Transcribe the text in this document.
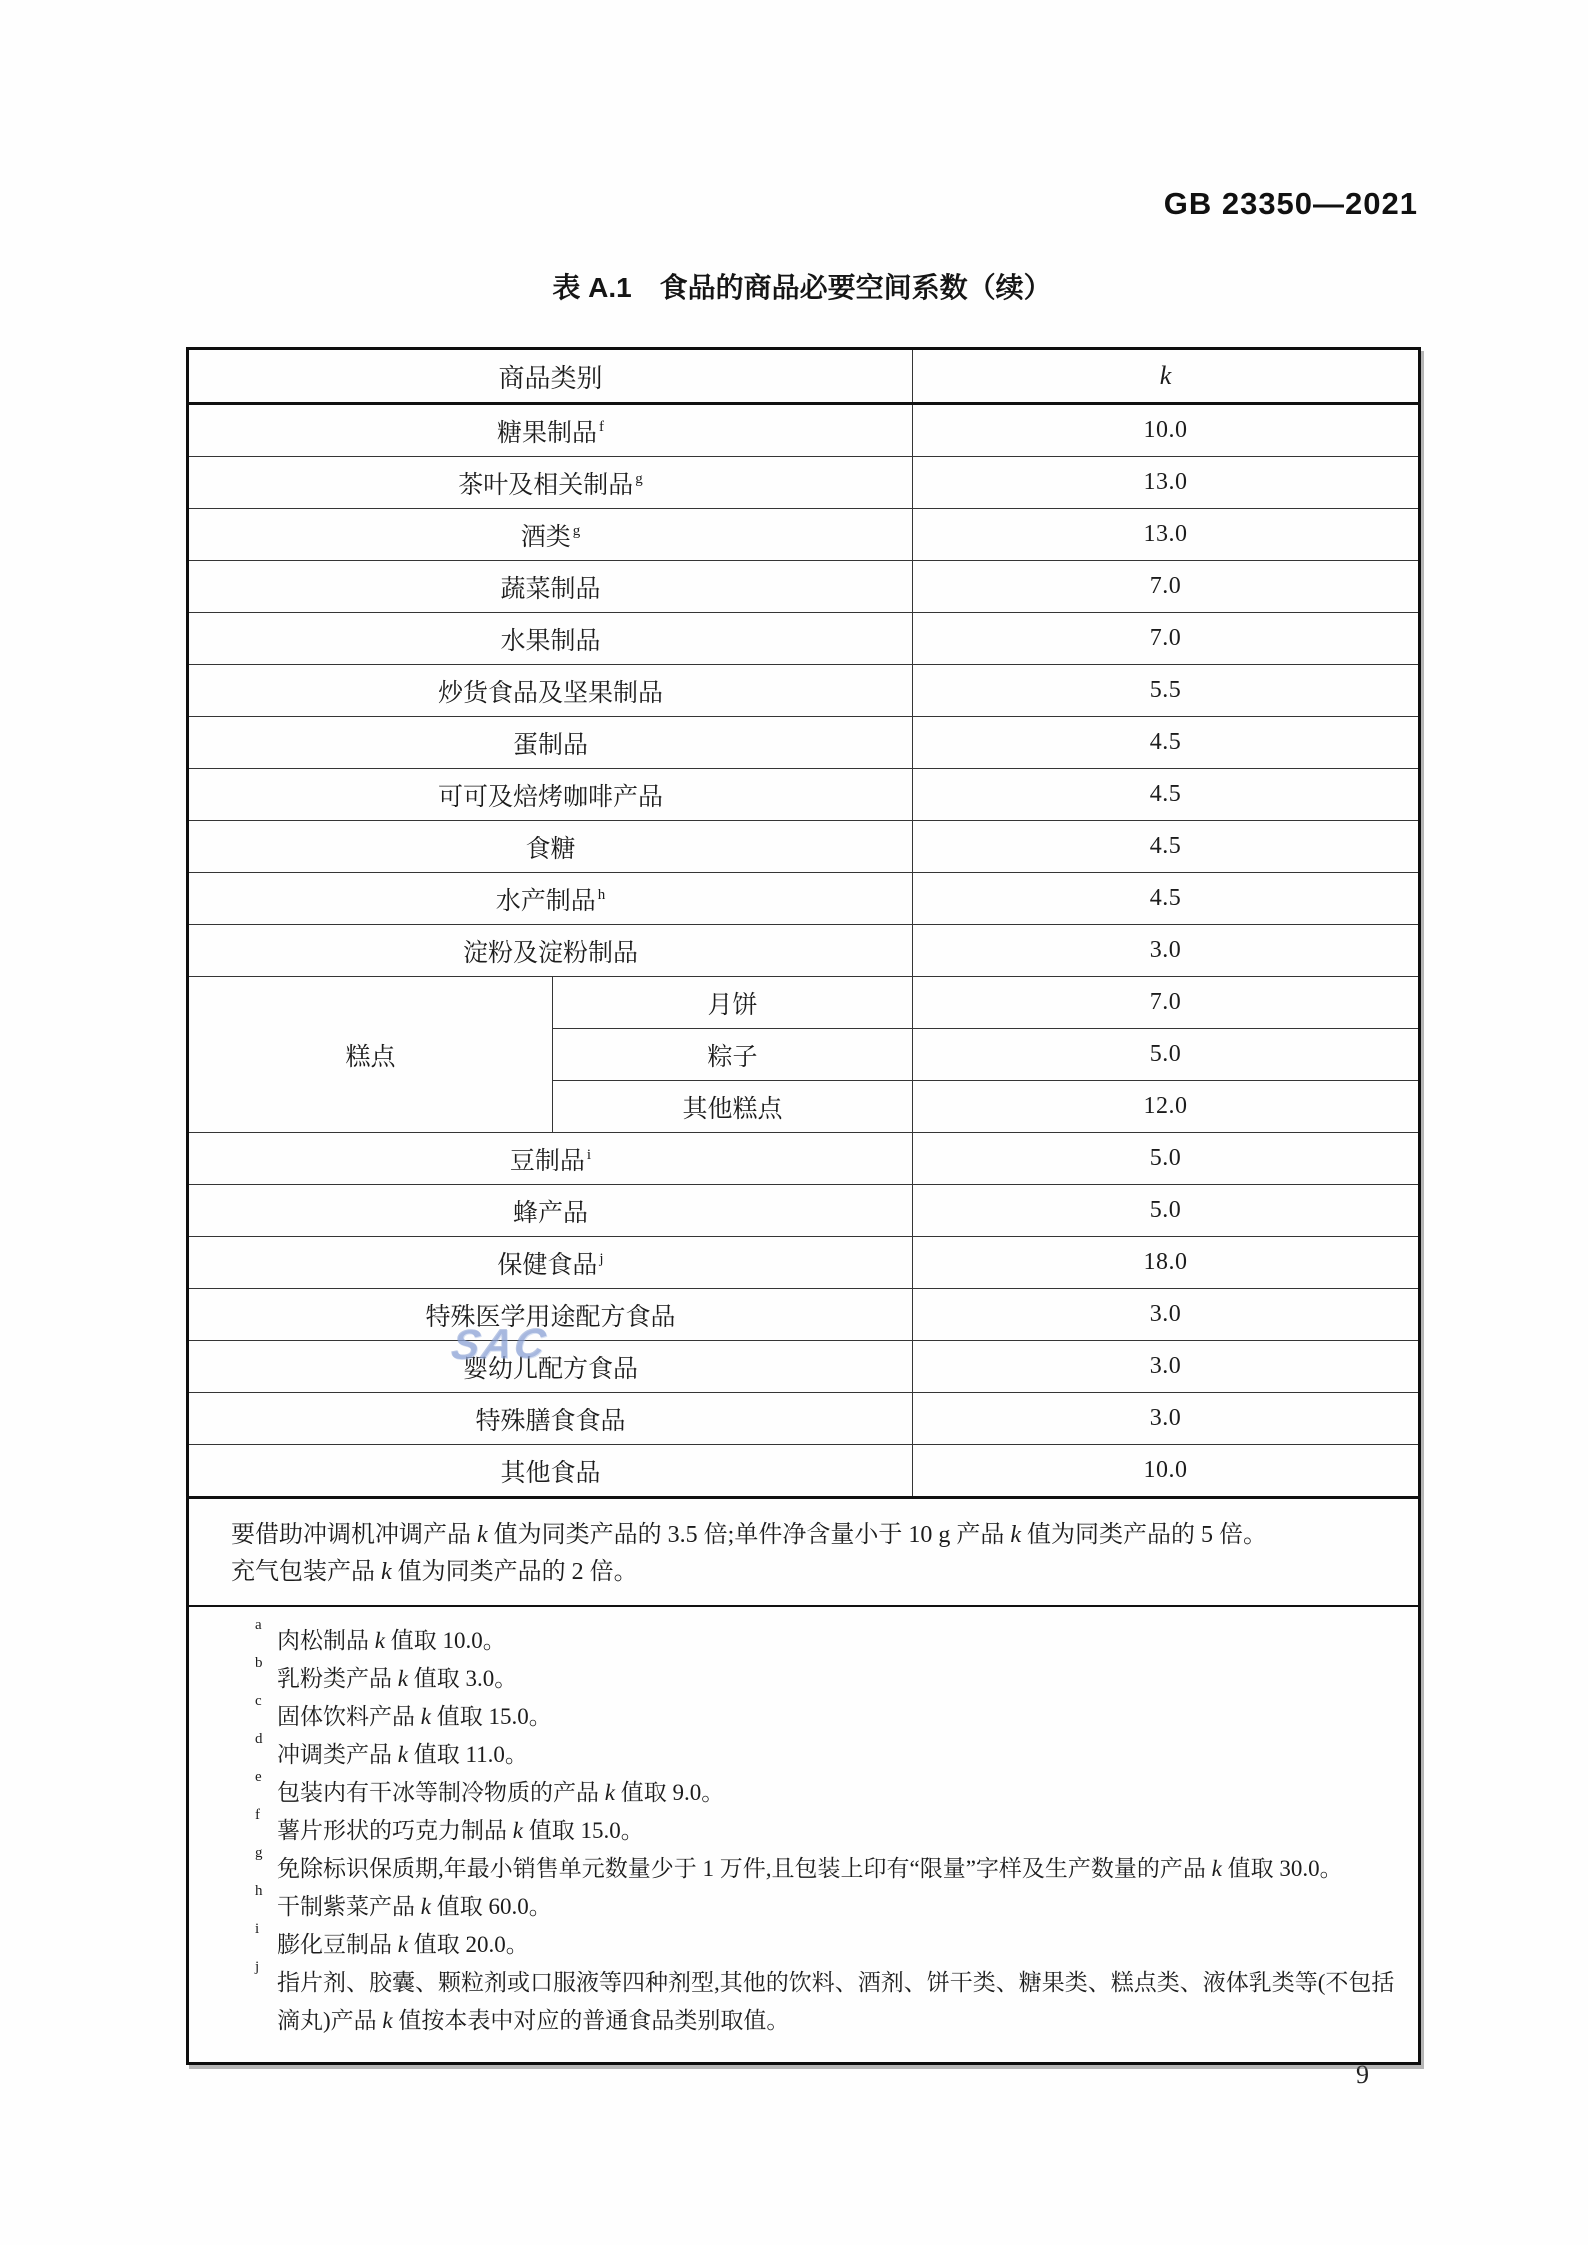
GB 23350—2021
表 A.1　食品的商品必要空间系数（续）
SAC
商品类别		k
糖果制品 $^f$		10.0
茶叶及相关制品 $^g$		13.0
酒类 $^g$		13.0
蔬菜制品		7.0
水果制品		7.0
炒货食品及坚果制品		5.5
蛋制品		4.5
可可及焙烤咖啡产品		4.5
食糖		4.5
水产制品 $^h$		4.5
淀粉及淀粉制品		3.0
糕点	月饼	7.0
	粽子	5.0
	其他糕点	12.0
豆制品 $^i$		5.0
蜂产品		5.0
保健食品 $^j$		18.0
特殊医学用途配方食品		3.0
婴幼儿配方食品		3.0
特殊膳食食品		3.0
其他食品		10.0

要借助冲调机冲调产品 k 值为同类产品的 3.5 倍;单件净含量小于 10 g 产品 k 值为同类产品的 5 倍。
充气包装产品 k 值为同类产品的 2 倍。		

a
肉松制品 k 值取 10.0。
b
乳粉类产品 k 值取 3.0。
c
固体饮料产品 k 值取 15.0。
d
冲调类产品 k 值取 11.0。
e
包装内有干冰等制冷物质的产品 k 值取 9.0。
f
薯片形状的巧克力制品 k 值取 15.0。
g
免除标识保质期,年最小销售单元数量少于 1 万件,且包装上印有“限量”字样及生产数量的产品 k 值取 30.0。
h
干制紫菜产品 k 值取 60.0。
i
膨化豆制品 k 值取 20.0。
j
指片剂、胶囊、颗粒剂或口服液等四种剂型,其他的饮料、酒剂、饼干类、糖果类、糕点类、液体乳类等(不包括滴丸)产品 k 值按本表中对应的普通食品类别取值。
9
